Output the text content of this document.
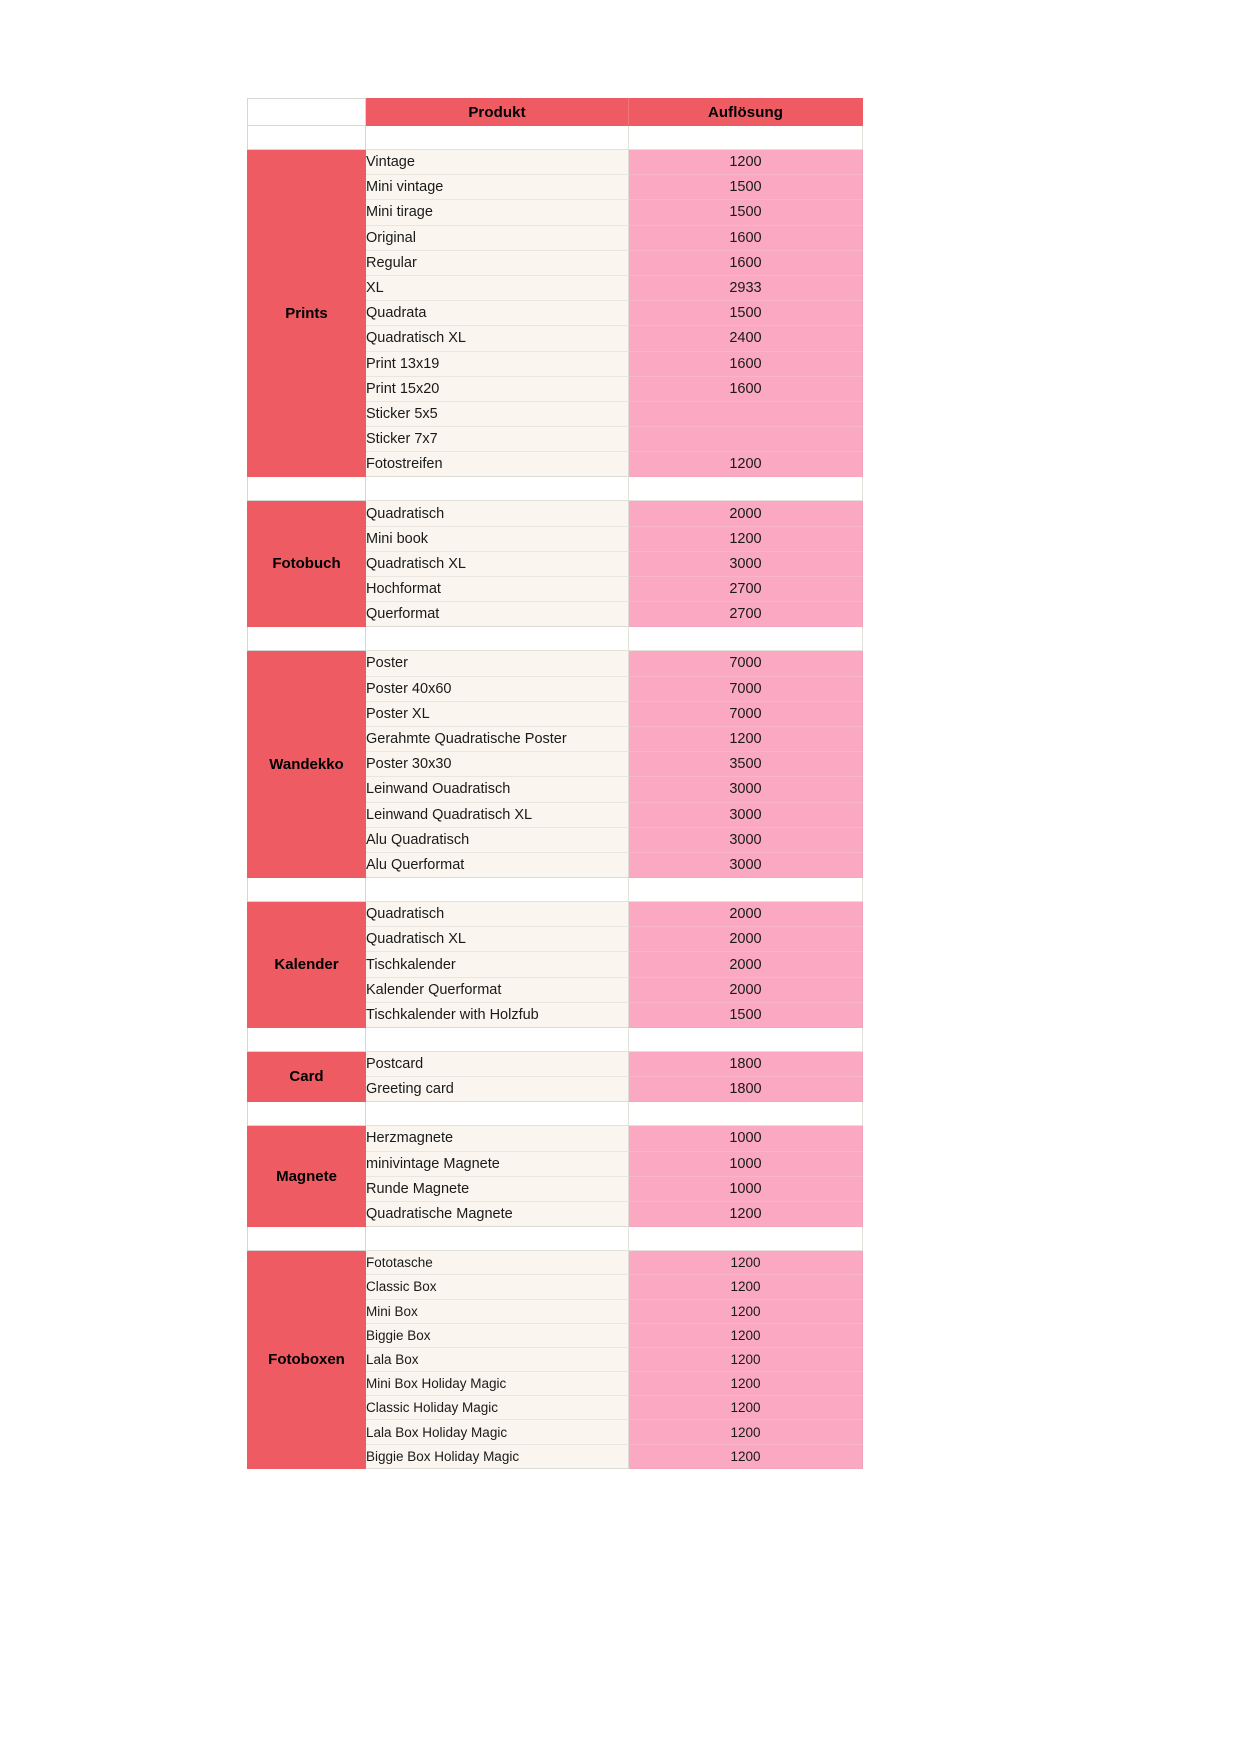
	Produkt	Auflösung

Prints	Vintage	1200
	Mini vintage	1500
	Mini tirage	1500
	Original	1600
	Regular	1600
	XL	2933
	Quadrata	1500
	Quadratisch XL	2400
	Print 13x19	1600
	Print 15x20	1600
	Sticker 5x5	
	Sticker 7x7	
	Fotostreifen	1200

Fotobuch	Quadratisch	2000
	Mini book	1200
	Quadratisch XL	3000
	Hochformat	2700
	Querformat	2700

Wandekko	Poster	7000
	Poster 40x60	7000
	Poster XL	7000
	Gerahmte Quadratische Poster	1200
	Poster 30x30	3500
	Leinwand Ouadratisch	3000
	Leinwand Quadratisch XL	3000
	Alu Quadratisch	3000
	Alu Querformat	3000

Kalender	Quadratisch	2000
	Quadratisch XL	2000
	Tischkalender	2000
	Kalender Querformat	2000
	Tischkalender with Holzfub	1500

Card	Postcard	1800
	Greeting card	1800

Magnete	Herzmagnete	1000
	minivintage Magnete	1000
	Runde Magnete	1000
	Quadratische Magnete	1200

Fotoboxen	Fototasche	1200
	Classic Box	1200
	Mini Box	1200
	Biggie Box	1200
	Lala Box	1200
	Mini Box Holiday Magic	1200
	Classic Holiday Magic	1200
	Lala Box Holiday Magic	1200
	Biggie Box Holiday Magic	1200
